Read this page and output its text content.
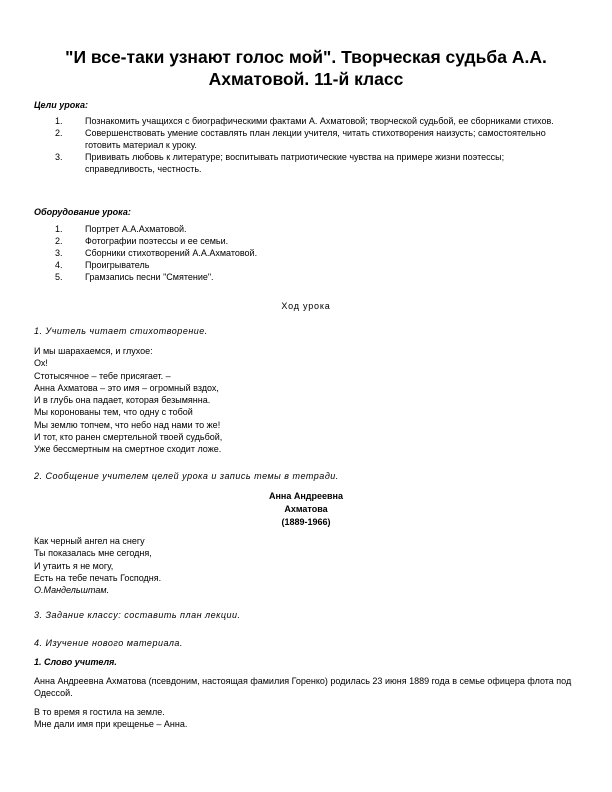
"И все-таки узнают голос мой". Творческая судьба А.А. Ахматовой. 11-й класс
Цели урока:
1.	Познакомить учащихся с биографическими фактами А. Ахматовой; творческой судьбой, ее сборниками стихов.
2.	Совершенствовать умение составлять план лекции учителя, читать стихотворения наизусть; самостоятельно готовить материал к уроку.
3.	Прививать любовь к литературе; воспитывать патриотические чувства на примере жизни поэтессы; справедливость, честность.
Оборудование урока:
1.	Портрет А.А.Ахматовой.
2.	Фотографии поэтессы и ее семьи.
3.	Сборники стихотворений А.А.Ахматовой.
4.	Проигрыватель
5.	Грамзапись песни "Смятение".
Ход урока
1. Учитель читает стихотворение.
И мы шарахаемся, и глухое:
Ох!
Стотысячное – тебе присягает. –
Анна Ахматова – это имя – огромный вздох,
И в глубь она падает, которая безымянна.
Мы коронованы тем, что одну с тобой
Мы землю топчем, что небо над нами то же!
И тот, кто ранен смертельной твоей судьбой,
Уже бессмертным на смертное сходит ложе.
2. Сообщение учителем целей урока и запись темы в тетради.
Анна Андреевна
Ахматова
(1889-1966)
Как черный ангел на снегу
Ты показалась мне сегодня,
И утаить я не могу,
Есть на тебе печать Господня.
О.Мандельштам.
3. Задание классу: составить план лекции.
4. Изучение нового материала.
1. Слово учителя.
Анна Андреевна Ахматова (псевдоним, настоящая фамилия Горенко) родилась 23 июня 1889 года в семье офицера флота под Одессой.
В то время я гостила на земле.
Мне дали имя при крещенье – Анна.
